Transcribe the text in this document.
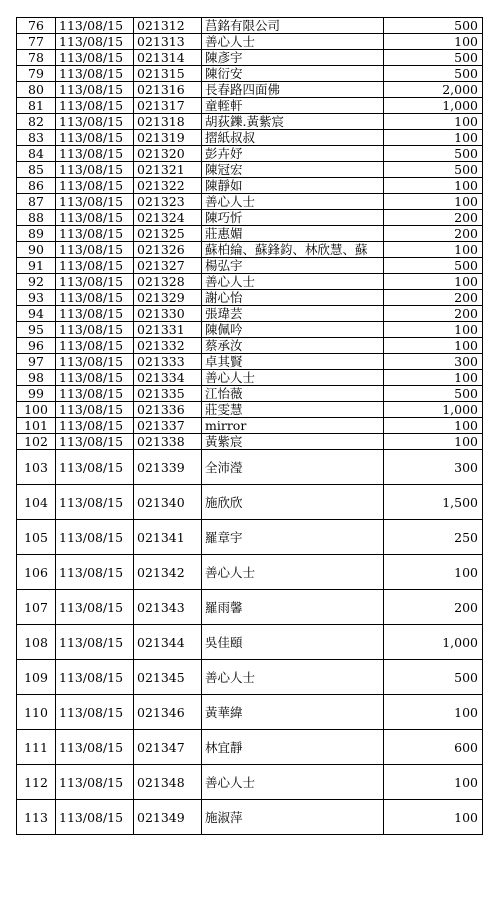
76	113/08/15	021312	莒銘有限公司	500
77	113/08/15	021313	善心人士	100
78	113/08/15	021314	陳彥宇	500
79	113/08/15	021315	陳衍安	500
80	113/08/15	021316	長春路四面佛	2,000
81	113/08/15	021317	童輊軒	1,000
82	113/08/15	021318	胡荻鑠.黃紫宸	100
83	113/08/15	021319	摺紙叔叔	100
84	113/08/15	021320	彭卉妤	500
85	113/08/15	021321	陳冠宏	500
86	113/08/15	021322	陳靜如	100
87	113/08/15	021323	善心人士	100
88	113/08/15	021324	陳巧忻	200
89	113/08/15	021325	莊惠媚	200
90	113/08/15	021326	蘇柏綸、蘇鋒鈞、林欣慧、蘇	100
91	113/08/15	021327	楊弘宇	500
92	113/08/15	021328	善心人士	100
93	113/08/15	021329	謝心怡	200
94	113/08/15	021330	張瑋芸	200
95	113/08/15	021331	陳佩吟	100
96	113/08/15	021332	蔡承汝	100
97	113/08/15	021333	卓其賢	300
98	113/08/15	021334	善心人士	100
99	113/08/15	021335	江怡薇	500
100	113/08/15	021336	莊雯慧	1,000
101	113/08/15	021337	mirror	100
102	113/08/15	021338	黃紫宸	100
103	113/08/15	021339	全沛瀅	300
104	113/08/15	021340	施欣欣	1,500
105	113/08/15	021341	羅章宇	250
106	113/08/15	021342	善心人士	100
107	113/08/15	021343	羅雨馨	200
108	113/08/15	021344	吳佳頤	1,000
109	113/08/15	021345	善心人士	500
110	113/08/15	021346	黃華緯	100
111	113/08/15	021347	林宜靜	600
112	113/08/15	021348	善心人士	100
113	113/08/15	021349	施淑萍	100
